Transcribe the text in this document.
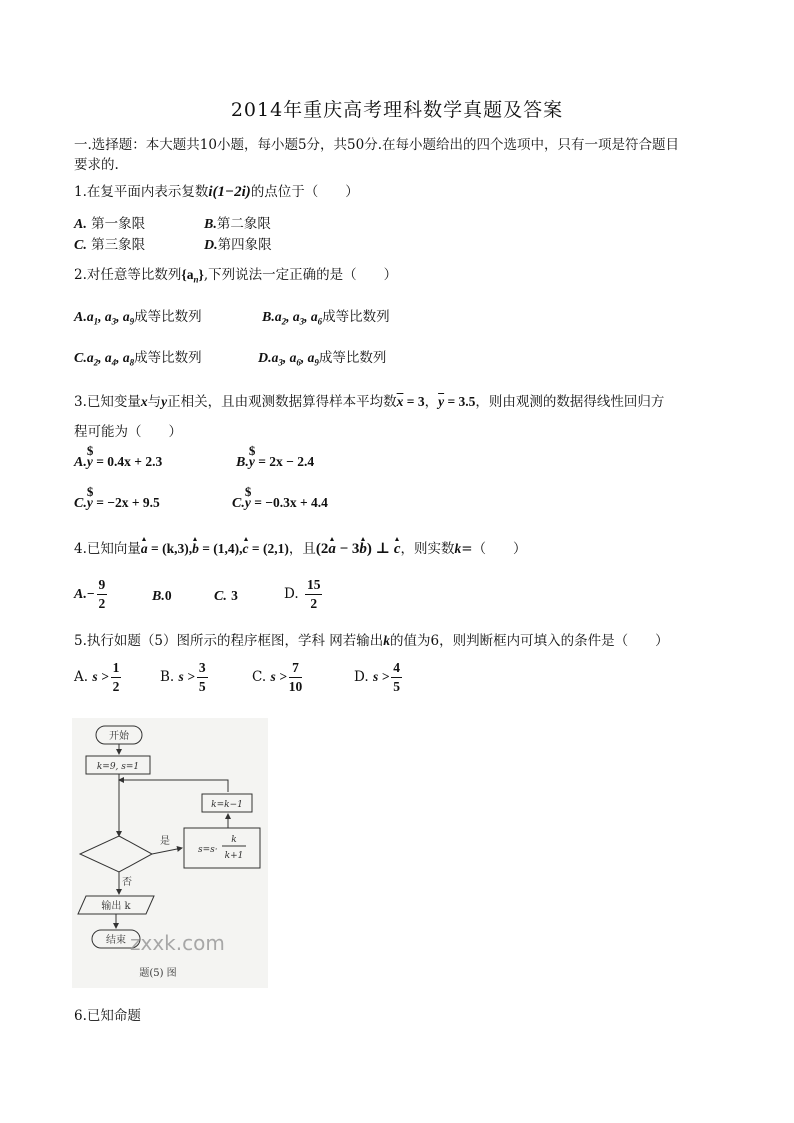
2014年重庆高考理科数学真题及答案
一.选择题：本大题共10小题，每小题5分，共50分.在每小题给出的四个选项中，只有一项是符合题目
要求的.
1.在复平面内表示复数i(1−2i)的点位于（　　）
A. 第一象限	B.第二象限
C. 第三象限	D.第四象限
2.对任意等比数列$\{a_n\}$,下列说法一定正确的是（　　）
$A.a_1$, $a_3$, $a_9$成等比数列	$B.a_2$, $a_3$, $a_6$成等比数列
$C.a_2$, $a_4$, $a_8$成等比数列	$D.a_3$, $a_6$, $a_9$成等比数列
3.已知变量x与y正相关，且由观测数据算得样本平均数$\overline{x} = 3$，$\overline{y} = 3.5$，则由观测的数据得线性回归方
程可能为（　　）
A.$ y = 0.4x + 2.3	B.$ y = 2x − 2.4
C.$ y = −2x + 9.5	C.$ y = −0.3x + 4.4
4.已知向量a = (k,3),b = (1,4),c = (2,1)，且(2a − 3b) ⊥ c，则实数k=（　　）
$A.- \frac{9}{2}$	B.0	C. 3	D. $\frac{15}{2}$
5.执行如题（5）图所示的程序框图，学科 网若输出k的值为6，则判断框内可填入的条件是（　　）
A. $s > \frac{1}{2}$	B. $s > \frac{3}{5}$	C. $s > \frac{7}{10}$	D. $s > \frac{4}{5}$
开始
k=9, s=1
k=k−1
s=s·
k
k+1
是
否
输出 k
结束 zxxk.com
题(5) 图
6.已知命题
